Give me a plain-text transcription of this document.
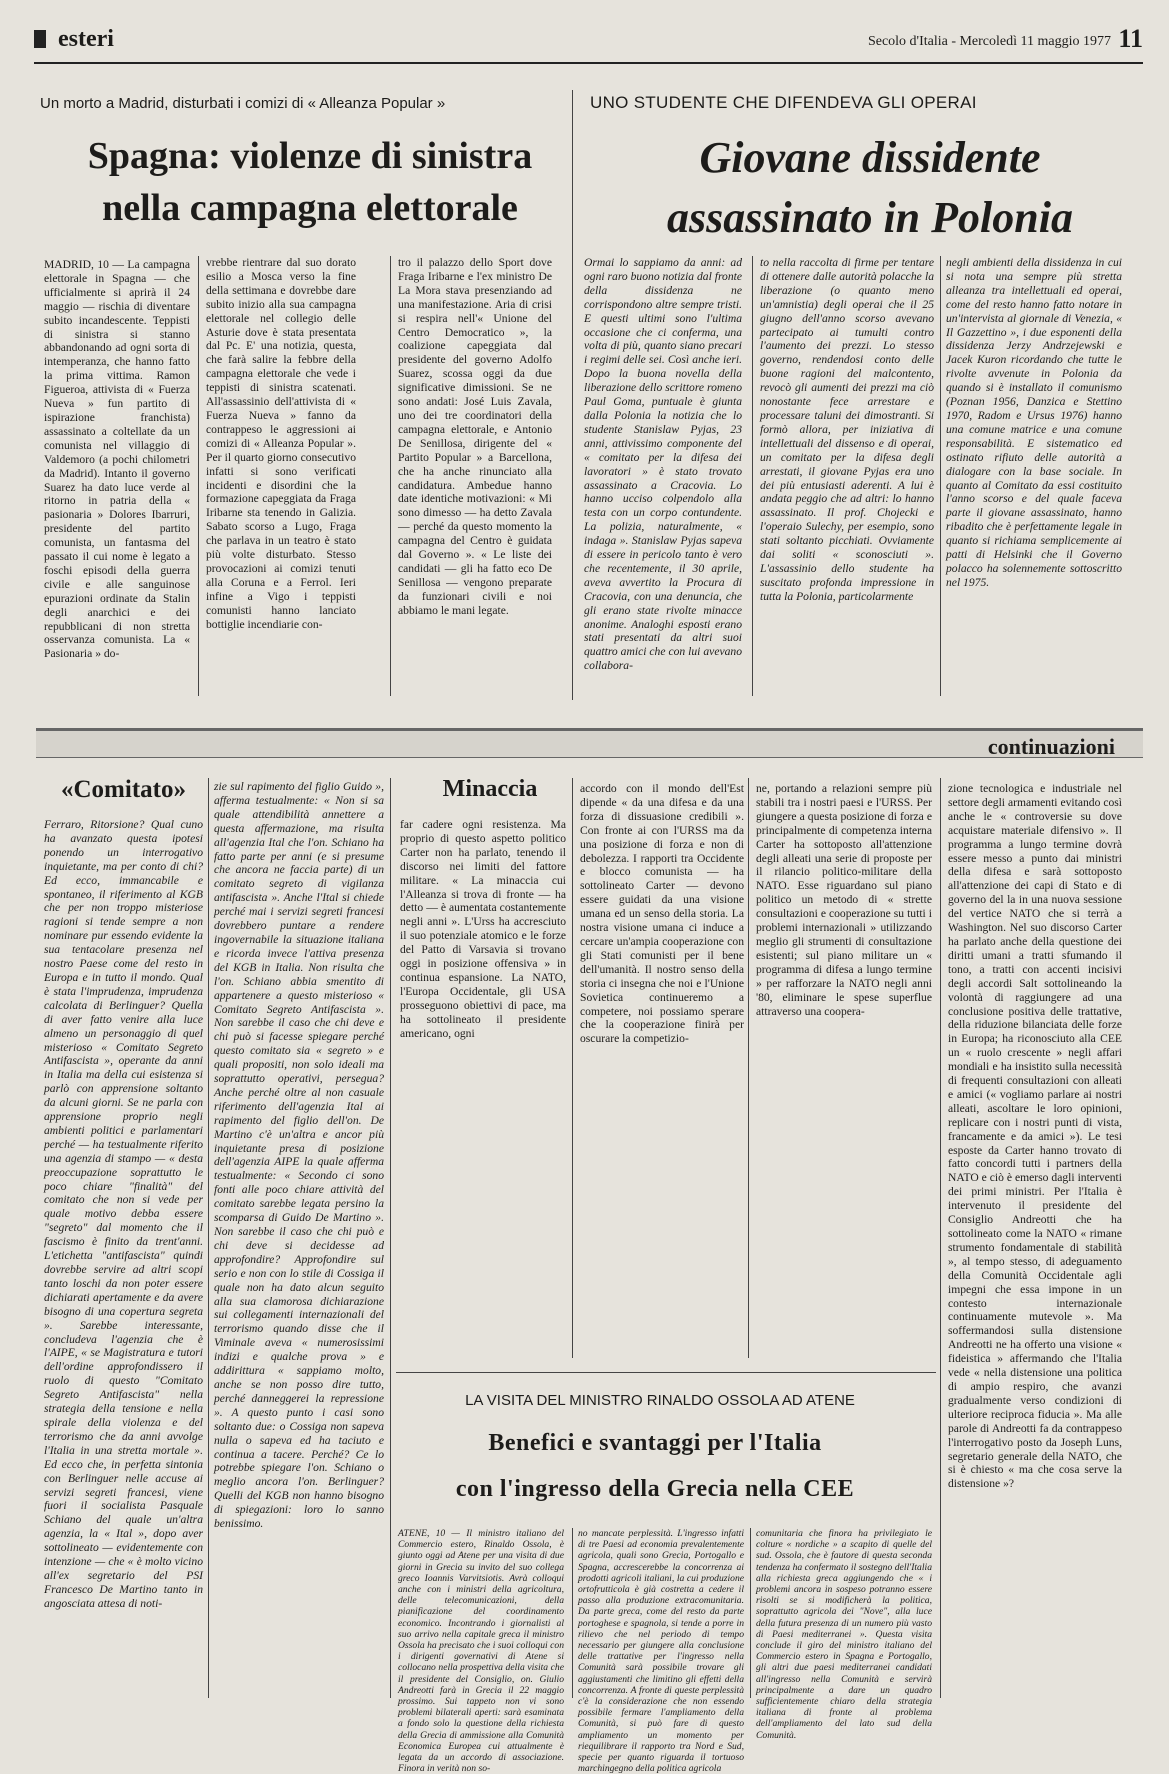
esteri	Secolo d'Italia - Mercoledì 11 maggio 1977 11
Un morto a Madrid, disturbati i comizi di « Alleanza Popular »
Spagna: violenze di sinistra
nella campagna elettorale
MADRID, 10 — La campagna elettorale in Spagna — che ufficialmente si aprirà il 24 maggio — rischia di diventare subito incandescente. Teppisti di sinistra si stanno abbandonando ad ogni sorta di intemperanza, che hanno fatto la prima vittima. Ramon Figueroa, attivista di « Fuerza Nueva » fun partito di ispirazione franchista) assassinato a coltellate da un comunista nel villaggio di Valdemoro (a pochi chilometri da Madrid). Intanto il governo Suarez ha dato luce verde al ritorno in patria della « pasionaria » Dolores Ibarruri, presidente del partito comunista, un fantasma del passato il cui nome è legato a foschi episodi della guerra civile e alle sanguinose epurazioni ordinate da Stalin degli anarchici e dei repubblicani di non stretta osservanza comunista. La « Pasionaria » do-
vrebbe rientrare dal suo dorato esilio a Mosca verso la fine della settimana e dovrebbe dare subito inizio alla sua campagna elettorale nel collegio delle Asturie dove è stata presentata dal Pc. E' una notizia, questa, che farà salire la febbre della campagna elettorale che vede i teppisti di sinistra scatenati. All'assassinio dell'attivista di « Fuerza Nueva » fanno da contrappeso le aggressioni ai comizi di « Alleanza Popular ». Per il quarto giorno consecutivo infatti si sono verificati incidenti e disordini che la formazione capeggiata da Fraga Iribarne sta tenendo in Galizia. Sabato scorso a Lugo, Fraga che parlava in un teatro è stato più volte disturbato. Stesso provocazioni ai comizi tenuti alla Coruna e a Ferrol. Ieri infine a Vigo i teppisti comunisti hanno lanciato bottiglie incendiarie con-
tro il palazzo dello Sport dove Fraga Iribarne e l'ex ministro De La Mora stava presenziando ad una manifestazione. Aria di crisi si respira nell'« Unione del Centro Democratico », la coalizione capeggiata dal presidente del governo Adolfo Suarez, scossa oggi da due significative dimissioni. Se ne sono andati: José Luis Zavala, uno dei tre coordinatori della campagna elettorale, e Antonio De Senillosa, dirigente del « Partito Popular » a Barcellona, che ha anche rinunciato alla candidatura. Ambedue hanno date identiche motivazioni: « Mi sono dimesso — ha detto Zavala — perché da questo momento la campagna del Centro è guidata dal Governo ». « Le liste dei candidati — gli ha fatto eco De Senillosa — vengono preparate da funzionari civili e noi abbiamo le mani legate.
UNO STUDENTE CHE DIFENDEVA GLI OPERAI
Giovane dissidente
assassinato in Polonia
Ormai lo sappiamo da anni: ad ogni raro buono notizia dal fronte della dissidenza ne corrispondono altre sempre tristi. E questi ultimi sono l'ultima occasione che ci conferma, una volta di più, quanto siano precari i regimi delle sei. Così anche ieri. Dopo la buona novella della liberazione dello scrittore romeno Paul Goma, puntuale è giunta dalla Polonia la notizia che lo studente Stanislaw Pyjas, 23 anni, attivissimo componente del « comitato per la difesa dei lavoratori » è stato trovato assassinato a Cracovia. Lo hanno ucciso colpendolo alla testa con un corpo contundente. La polizia, naturalmente, « indaga ». Stanislaw Pyjas sapeva di essere in pericolo tanto è vero che recentemente, il 30 aprile, aveva avvertito la Procura di Cracovia, con una denuncia, che gli erano state rivolte minacce anonime. Analoghi esposti erano stati presentati da altri suoi quattro amici che con lui avevano collabora-
to nella raccolta di firme per tentare di ottenere dalle autorità polacche la liberazione (o quanto meno un'amnistia) degli operai che il 25 giugno dell'anno scorso avevano partecipato ai tumulti contro l'aumento dei prezzi. Lo stesso governo, rendendosi conto delle buone ragioni del malcontento, revocò gli aumenti dei prezzi ma ciò nonostante fece arrestare e processare taluni dei dimostranti. Si formò allora, per iniziativa di intellettuali del dissenso e di operai, un comitato per la difesa degli arrestati, il giovane Pyjas era uno dei più entusiasti aderenti. A lui è andata peggio che ad altri: lo hanno assassinato. Il prof. Chojecki e l'operaio Sulechy, per esempio, sono stati soltanto picchiati. Ovviamente dai soliti « sconosciuti ». L'assassinio dello studente ha suscitato profonda impressione in tutta la Polonia, particolarmente
negli ambienti della dissidenza in cui si nota una sempre più stretta alleanza tra intellettuali ed operai, come del resto hanno fatto notare in un'intervista al giornale di Venezia, « Il Gazzettino », i due esponenti della dissidenza Jerzy Andrzejewski e Jacek Kuron ricordando che tutte le rivolte avvenute in Polonia da quando si è installato il comunismo (Poznan 1956, Danzica e Stettino 1970, Radom e Ursus 1976) hanno una comune matrice e una comune responsabilità. E sistematico ed ostinato rifiuto delle autorità a dialogare con la base sociale. In quanto al Comitato da essi costituito l'anno scorso e del quale faceva parte il giovane assassinato, hanno ribadito che è perfettamente legale in quanto si richiama semplicemente ai patti di Helsinki che il Governo polacco ha solennemente sottoscritto nel 1975.
continuazioni
«Comitato»
Ferraro, Ritorsione? Qual cuno ha avanzato questa ipotesi ponendo un interrogativo inquietante, ma per conto di chi? Ed ecco, immancabile e spontaneo, il riferimento al KGB che per non troppo misteriose ragioni si tende sempre a non nominare pur essendo evidente la sua tentacolare presenza nel nostro Paese come del resto in Europa e in tutto il mondo. Qual è stata l'imprudenza, imprudenza calcolata di Berlinguer? Quella di aver fatto venire alla luce almeno un personaggio di quel misterioso « Comitato Segreto Antifascista », operante da anni in Italia ma della cui esistenza si parlò con apprensione soltanto da alcuni giorni. Se ne parla con apprensione proprio negli ambienti politici e parlamentari perché — ha testualmente riferito una agenzia di stampo — « desta preoccupazione soprattutto le poco chiare "finalità" del comitato che non si vede per quale motivo debba essere "segreto" dal momento che il fascismo è finito da trent'anni. L'etichetta "antifascista" quindi dovrebbe servire ad altri scopi tanto loschi da non poter essere dichiarati apertamente e da avere bisogno di una copertura segreta ». Sarebbe interessante, concludeva l'agenzia che è l'AIPE, « se Magistratura e tutori dell'ordine approfondissero il ruolo di questo "Comitato Segreto Antifascista" nella strategia della tensione e nella spirale della violenza e del terrorismo che da anni avvolge l'Italia in una stretta mortale ». Ed ecco che, in perfetta sintonia con Berlinguer nelle accuse ai servizi segreti francesi, viene fuori il socialista Pasquale Schiano del quale un'altra agenzia, la « Ital », dopo aver sottolineato — evidentemente con intenzione — che « è molto vicino all'ex segretario del PSI Francesco De Martino tanto in angosciata attesa di noti-
zie sul rapimento del figlio Guido », afferma testualmente: « Non si sa quale attendibilità annettere a questa affermazione, ma risulta all'agenzia Ital che l'on. Schiano ha fatto parte per anni (e si presume che ancora ne faccia parte) di un comitato segreto di vigilanza antifascista ». Anche l'Ital si chiede perché mai i servizi segreti francesi dovrebbero puntare a rendere ingovernabile la situazione italiana e ricorda invece l'attiva presenza del KGB in Italia. Non risulta che l'on. Schiano abbia smentito di appartenere a questo misterioso « Comitato Segreto Antifascista ». Non sarebbe il caso che chi deve e chi può si facesse spiegare perché questo comitato sia « segreto » e quali propositi, non solo ideali ma soprattutto operativi, persegua? Anche perché oltre al non casuale riferimento dell'agenzia Ital ai rapimento del figlio dell'on. De Martino c'è un'altra e ancor più inquietante presa di posizione dell'agenzia AIPE la quale afferma testualmente: « Secondo ci sono fonti alle poco chiare attività del comitato sarebbe legata persino la scomparsa di Guido De Martino ». Non sarebbe il caso che chi può e chi deve si decidesse ad approfondire? Approfondire sul serio e non con lo stile di Cossiga il quale non ha dato alcun seguito alla sua clamorosa dichiarazione sui collegamenti internazionali del terrorismo quando disse che il Viminale aveva « numerosissimi indizi e qualche prova » e addirittura « sappiamo molto, anche se non posso dire tutto, perché danneggerei la repressione ». A questo punto i casi sono soltanto due: o Cossiga non sapeva nulla o sapeva ed ha taciuto e continua a tacere. Perché? Ce lo potrebbe spiegare l'on. Schiano o meglio ancora l'on. Berlinguer? Quelli del KGB non hanno bisogno di spiegazioni: loro lo sanno benissimo.
Minaccia
far cadere ogni resistenza. Ma proprio di questo aspetto politico Carter non ha parlato, tenendo il discorso nei limiti del fattore militare. « La minaccia cui l'Alleanza si trova di fronte — ha detto — è aumentata costantemente negli anni ». L'Urss ha accresciuto il suo potenziale atomico e le forze del Patto di Varsavia si trovano oggi in posizione offensiva » in continua espansione. La NATO, l'Europa Occidentale, gli USA prosseguono obiettivi di pace, ma ha sottolineato il presidente americano, ogni
accordo con il mondo dell'Est dipende « da una difesa e da una forza di dissuasione credibili ». Con fronte ai con l'URSS ma da una posizione di forza e non di debolezza. I rapporti tra Occidente e blocco comunista — ha sottolineato Carter — devono essere guidati da una visione umana ed un senso della storia. La nostra visione umana ci induce a cercare un'ampia cooperazione con gli Stati comunisti per il bene dell'umanità. Il nostro senso della storia ci insegna che noi e l'Unione Sovietica continueremo a competere, noi possiamo sperare che la cooperazione finirà per oscurare la competizio-
ne, portando a relazioni sempre più stabili tra i nostri paesi e l'URSS. Per giungere a questa posizione di forza e principalmente di competenza interna Carter ha sottoposto all'attenzione degli alleati una serie di proposte per il rilancio politico-militare della NATO. Esse riguardano sul piano politico un metodo di « strette consultazioni e cooperazione su tutti i problemi internazionali » utilizzando meglio gli strumenti di consultazione esistenti; sul piano militare un « programma di difesa a lungo termine » per rafforzare la NATO negli anni '80, eliminare le spese superflue attraverso una coopera-
zione tecnologica e industriale nel settore degli armamenti evitando così anche le « controversie su dove acquistare materiale difensivo ». Il programma a lungo termine dovrà essere messo a punto dai ministri della difesa e sarà sottoposto all'attenzione dei capi di Stato e di governo del la in una nuova sessione del vertice NATO che si terrà a Washington. Nel suo discorso Carter ha parlato anche della questione dei diritti umani a tratti sfumando il tono, a tratti con accenti incisivi degli accordi Salt sottolineando la volontà di raggiungere ad una conclusione positiva delle trattative, della riduzione bilanciata delle forze in Europa; ha riconosciuto alla CEE un « ruolo crescente » negli affari mondiali e ha insistito sulla necessità di frequenti consultazioni con alleati e amici (« vogliamo parlare ai nostri alleati, ascoltare le loro opinioni, replicare con i nostri punti di vista, francamente e da amici »). Le tesi esposte da Carter hanno trovato di fatto concordi tutti i partners della NATO e ciò è emerso dagli interventi dei primi ministri. Per l'Italia è intervenuto il presidente del Consiglio Andreotti che ha sottolineato come la NATO « rimane strumento fondamentale di stabilità », al tempo stesso, di adeguamento della Comunità Occidentale agli impegni che essa impone in un contesto internazionale continuamente mutevole ». Ma soffermandosi sulla distensione Andreotti ne ha offerto una visione « fideistica » affermando che l'Italia vede « nella distensione una politica di ampio respiro, che avanzi gradualmente verso condizioni di ulteriore reciproca fiducia ». Ma alle parole di Andreotti fa da contrappeso l'interrogativo posto da Joseph Luns, segretario generale della NATO, che si è chiesto « ma che cosa serve la distensione »?
LA VISITA DEL MINISTRO RINALDO OSSOLA AD ATENE
Benefici e svantaggi per l'Italia
con l'ingresso della Grecia nella CEE
ATENE, 10 — Il ministro italiano del Commercio estero, Rinaldo Ossola, è giunto oggi ad Atene per una visita di due giorni in Grecia su invito del suo collega greco Ioannis Varvitsiotis. Avrà colloqui anche con i ministri della agricoltura, delle telecomunicazioni, della pianificazione del coordinamento economico. Incontrando i giornalisti al suo arrivo nella capitale greca il ministro Ossola ha precisato che i suoi colloqui con i dirigenti governativi di Atene si collocano nella prospettiva della visita che il presidente del Consiglio, on. Giulio Andreotti farà in Grecia il 22 maggio prossimo. Sui tappeto non vi sono problemi bilaterali aperti: sarà esaminata a fondo solo la questione della richiesta della Grecia di ammissione alla Comunità Economica Europea cui attualmente è legata da un accordo di associazione. Finora in verità non so-
no mancate perplessità. L'ingresso infatti di tre Paesi ad economia prevalentemente agricola, quali sono Grecia, Portogallo e Spagna, accrescerebbe la concorrenza ai prodotti agricoli italiani, la cui produzione ortofrutticola è già costretta a cedere il passo alla produzione extracomunitaria. Da parte greca, come del resto da parte portoghese e spagnola, si tende a porre in rilievo che nel periodo di tempo necessario per giungere alla conclusione delle trattative per l'ingresso nella Comunità sarà possibile trovare gli aggiustamenti che limitino gli effetti della concorrenza. A fronte di queste perplessità c'è la considerazione che non essendo possibile fermare l'ampliamento della Comunità, si può fare di questo ampliamento un momento per riequilibrare il rapporto tra Nord e Sud, specie per quanto riguarda il tortuoso marchingegno della politica agricola
comunitaria che finora ha privilegiato le colture « nordiche » a scapito di quelle del sud. Ossola, che è fautore di questa seconda tendenza ha confermato il sostegno dell'Italia alla richiesta greca aggiungendo che « i problemi ancora in sospeso potranno essere risolti se si modificherà la politica, soprattutto agricola dei "Nove", alla luce della futura presenza di un numero più vasto di Paesi mediterranei ». Questa visita conclude il giro del ministro italiano del Commercio estero in Spagna e Portogallo, gli altri due paesi mediterranei candidati all'ingresso nella Comunità e servirà principalmente a dare un quadro sufficientemente chiaro della strategia italiana di fronte al problema dell'ampliamento del lato sud della Comunità.
